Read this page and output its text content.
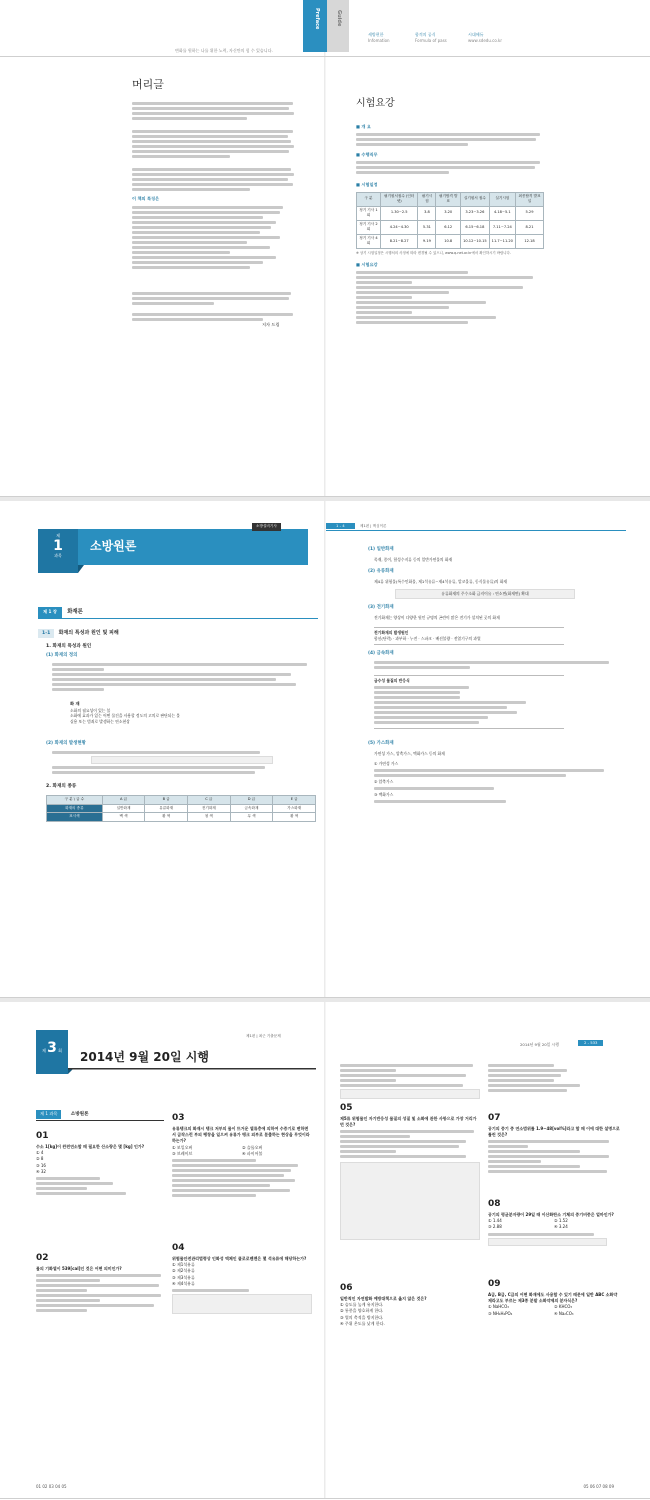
변화를 원하는 나를 위한 노력, 자신만의 힘 수 있습니다.
Preface	Guide
세방편한
Infomation
합격의 공식
Formula of pass
시대에듀
www.sdedu.co.kr
머리글
이 책의 특징은
저자 드림
시험요강
■ 개 요
■ 수행직무
■ 시험일정
구 분	필기원서접수 (인터넷)	필기시험	필기합격 발표	실기원서 접수	실기시험	최종합격 발표일
정기 기사 1회	1.30~2.5	3.8	3.20	3.23~3.26	4.18~5.1	5.29
정기 기사 2회	4.24~4.30	5.31	6.12	6.15~6.18	7.11~7.24	8.21
정기 기사 4회	8.21~8.27	9.19	10.8	10.12~10.15	11.7~11.20	12.18
※ 상기 시험일정은 시행처의 사정에 따라 변경될 수 있으니, www.q-net.or.kr에서 확인하시기 바랍니다.
■ 시험요강
제
1
과목
소방원론
소방설비기사
제 1 장 화재론
1-1 화재의 특성과 원인 및 피해
1. 화재의 특성과 원인
(1) 화재의 정의
화 재
소화의 필요성이 있는 불
소화에 효과가 있는 어떤 물건을 사용할 정도의 고의로 판단되는 불
실용 또는 범죄로 발생하는 연소현상
(2) 화재의 발생현황
2. 화재의 종류
구 분 \ 급 수	A 급	B 급	C 급	D 급	E 급
화재의 종류	일반화재	유류화재	전기화재	금속화재	가스화재
표시색	백 색	황 색	청 색	무 색	황 색
1 - 4	제1편 | 핵심이론
(1) 일반화재
목재, 종이, 합성수지류 등의 일반가연물의 화재
(2) 유류화재
제4류 위험물(특수인화물, 제1석유류~제4석유류, 알코올류, 동식물유류)의 화재
유류화재의 주수소화 금지이유 : 연소면(화재면) 확대
(3) 전기화재
전기화재는 양상이 다양한 원인 규명의 곤란이 많은 전기가 설치된 곳의 화재
전기화재의 발생원인
합선(단락) · 과부하 · 누전 · 스파크 · 배선불량 · 전열기구의 과열
(4) 금속화재
금수성 물질의 반응식
(5) 가스화재
가연성 가스, 압축가스, 액화가스 등의 화재
① 가연성 가스
② 압축가스
③ 액화가스
제 3 회	2014년 9월 20일 시행
제1편 | 최근 기출문제
제 1 과목	소방원론
01
수소 1[kg]이 완전연소할 때 필요한 산소량은 몇 [kg] 인가?
① 4
② 8
③ 16
④ 32
02
물의 기화열이 539[cal]인 것은 어떤 의미인가?
03
유류탱크의 화재시 탱크 저부의 물이 뜨거운 열류층에 의하여 수증기로 변하면서 급작스런 부피 팽창을 일으켜 유류가 탱크 외부로 분출하는 현상을 무엇이라 하는가?
① 보일오버	② 슬롭오버
③ 브레이브	④ 파이어볼
04
위험물안전관리법령상 인화성 액체인 클로로벤젠은 몇 석유류에 해당하는가?
① 제1석유류
② 제2석유류
③ 제3석유류
④ 제4석유류
2014년 9월 20일 시행	2 - 533
05
제5류 위험물인 자기반응성 물질의 성질 및 소화에 관한 사항으로 가장 거리가 먼 것은?
06
일반적인 자연발화 예방대책으로 옳지 않은 것은?
① 습도를 높게 유지한다.
② 통풍을 양호하게 한다.
③ 열의 축적을 방지한다.
④ 주위 온도를 낮게 한다.
07
공기의 증기 중 연소범위를 1.9~48[vol%]라고 할 때 이에 대한 설명으로 틀린 것은?
08
공기의 평균분자량이 29일 때 이산화탄소 기체의 증기비중은 얼마인가?
① 1.44	② 1.52
③ 2.88	④ 3.24
09
A급, B급, C급의 어떤 화재에도 사용할 수 있기 때문에 일반 ABC 소화약제라고도 부르는 제3종 분말 소화약제의 분자식은?
① NaHCO₃	② KHCO₃
③ NH₄H₂PO₄	④ Na₂CO₃
01 02 03 04 05	05 06 07 08 09
